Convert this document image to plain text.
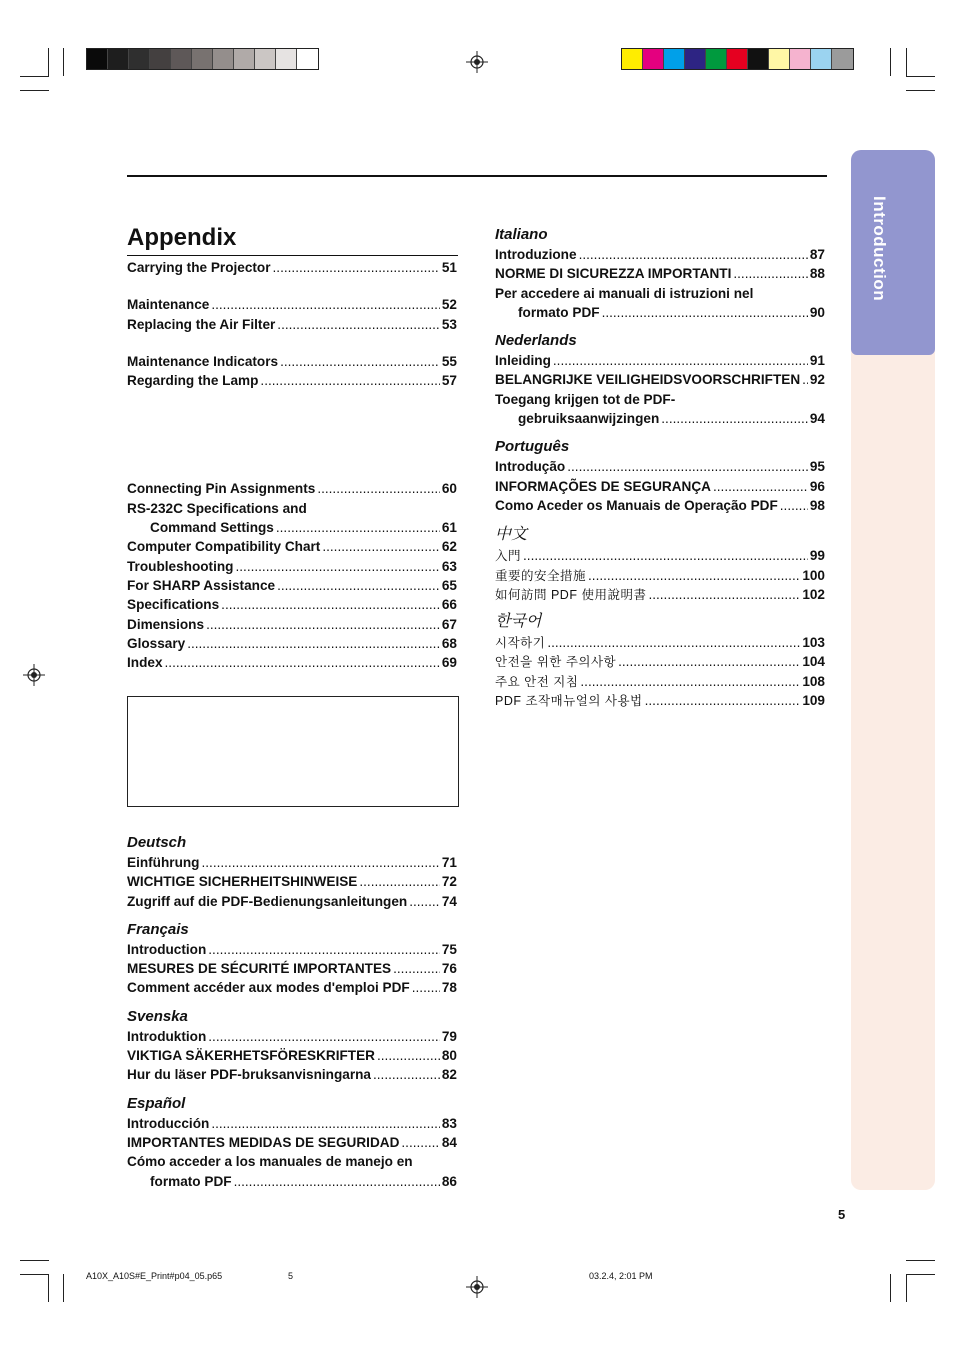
Introduction
Appendix
Carrying the Projector .....	51
Maintenance .....	52
Replacing the Air Filter .....	53
Maintenance Indicators .....	55
Regarding the Lamp .....	57
Connecting Pin Assignments .....	60
RS-232C Specifications and
Command Settings .....	61
Computer Compatibility Chart .....	62
Troubleshooting .....	63
For SHARP Assistance .....	65
Specifications .....	66
Dimensions .....	67
Glossary .....	68
Index .....	69
Deutsch
Einführung .....	71
WICHTIGE SICHERHEITSHINWEISE .....	72
Zugriff auf die PDF-Bedienungsanleitungen .....	74
Français
Introduction .....	75
MESURES DE SÉCURITÉ IMPORTANTES .....	76
Comment accéder aux modes d'emploi PDF ..... 78
Svenska
Introduktion .....	79
VIKTIGA SÄKERHETSFÖRESKRIFTER .....	80
Hur du läser PDF-bruksanvisningarna .....	82
Español
Introducción .....	83
IMPORTANTES MEDIDAS DE SEGURIDAD .....	84
Cómo acceder a los manuales de manejo en
formato PDF .....	86
Italiano
Introduzione .....	87
NORME DI SICUREZZA IMPORTANTI .....	88
Per accedere ai manuali di istruzioni nel
formato PDF .....	90
Nederlands
Inleiding .....	91
BELANGRIJKE VEILIGHEIDSVOORSCHRIFTEN ..... 92
Toegang krijgen tot de PDF-
gebruiksaanwijzingen .....	94
Português
Introdução .....	95
INFORMAÇÕES DE SEGURANÇA .....	96
Como Aceder os Manuais de Operação PDF ..... 98
中文
入門 .....	99
重要的安全措施 .....	100
如何訪問 PDF 使用說明書 .....	102
한국어
시작하기 .....	103
안전을 위한 주의사항 .....	104
주요 안전 지침 .....	108
PDF 조작매뉴얼의 사용법 .....	109
5
A10X_A10S#E_Print#p04_05.p65	5	03.2.4, 2:01 PM
